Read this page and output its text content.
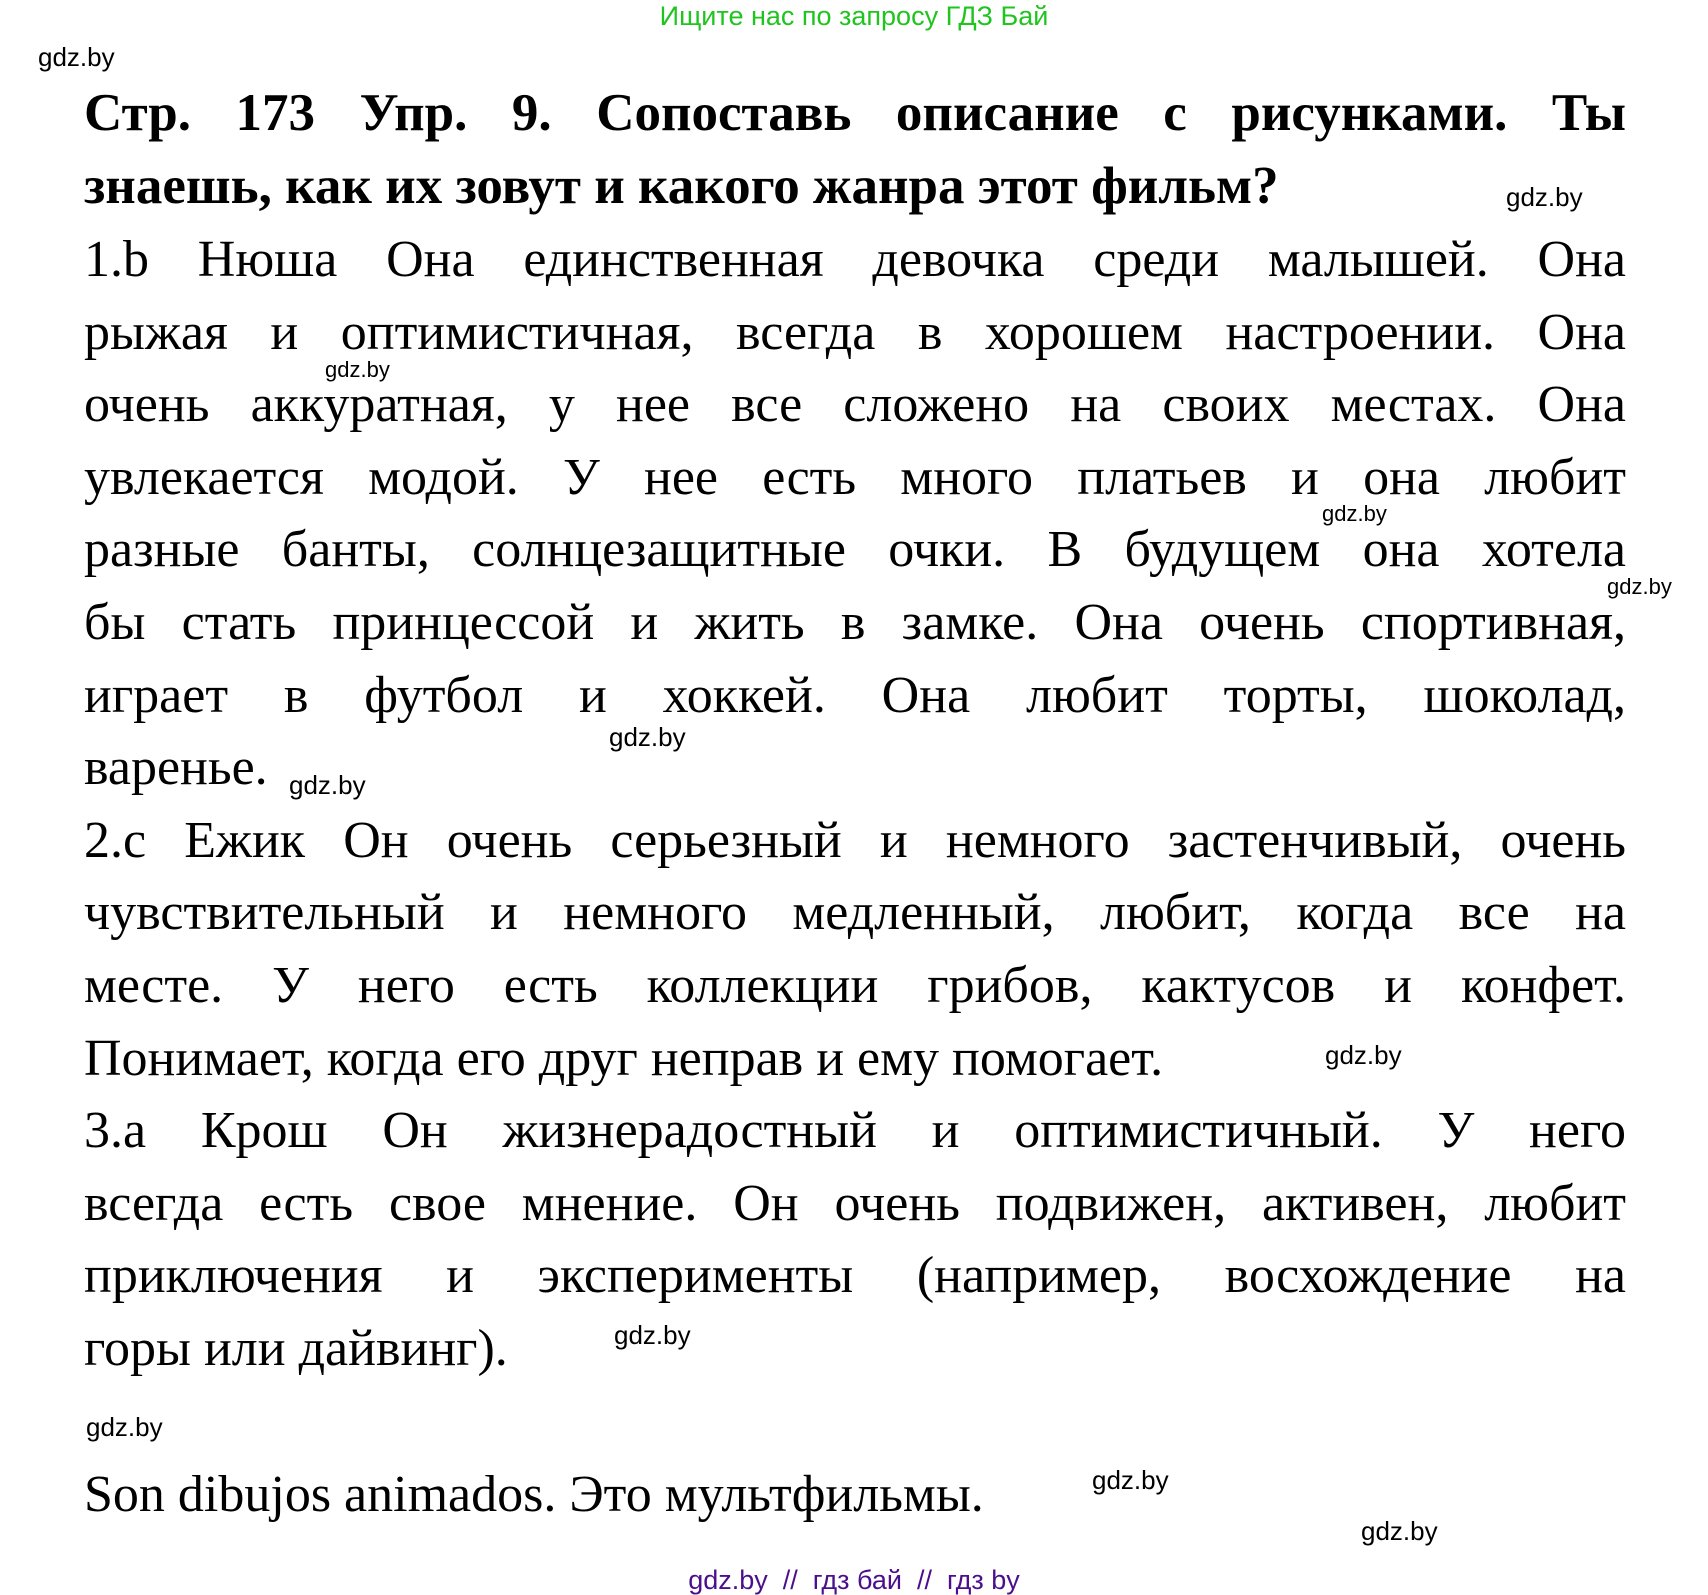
Ищите нас по запросу ГДЗ Бай
Стр. 173 Упр. 9. Сопоставь описание с рисунками. Ты
знаешь, как их зовут и какого жанра этот фильм?
1.b Нюша Она единственная девочка среди малышей. Она
рыжая и оптимистичная, всегда в хорошем настроении. Она
очень аккуратная, у нее все сложено на своих местах. Она
увлекается модой. У нее есть много платьев и она любит
разные банты, солнцезащитные очки. В будущем она хотела
бы стать принцессой и жить в замке. Она очень спортивная,
играет в футбол и хоккей. Она любит торты, шоколад,
варенье.
2.c Ежик Он очень серьезный и немного застенчивый, очень
чувствительный и немного медленный, любит, когда все на
месте. У него есть коллекции грибов, кактусов и конфет.
Понимает, когда его друг неправ и ему помогает.
3.a Крош Он жизнерадостный и оптимистичный. У него
всегда есть свое мнение. Он очень подвижен, активен, любит
приключения и эксперименты (например, восхождение на
горы или дайвинг).
Son dibujos animados. Это мультфильмы.
gdz.by
gdz.by
gdz.by
gdz.by
gdz.by
gdz.by
gdz.by
gdz.by
gdz.by
gdz.by
gdz.by
gdz.by
gdz.by  //  гдз бай  //  гдз by
